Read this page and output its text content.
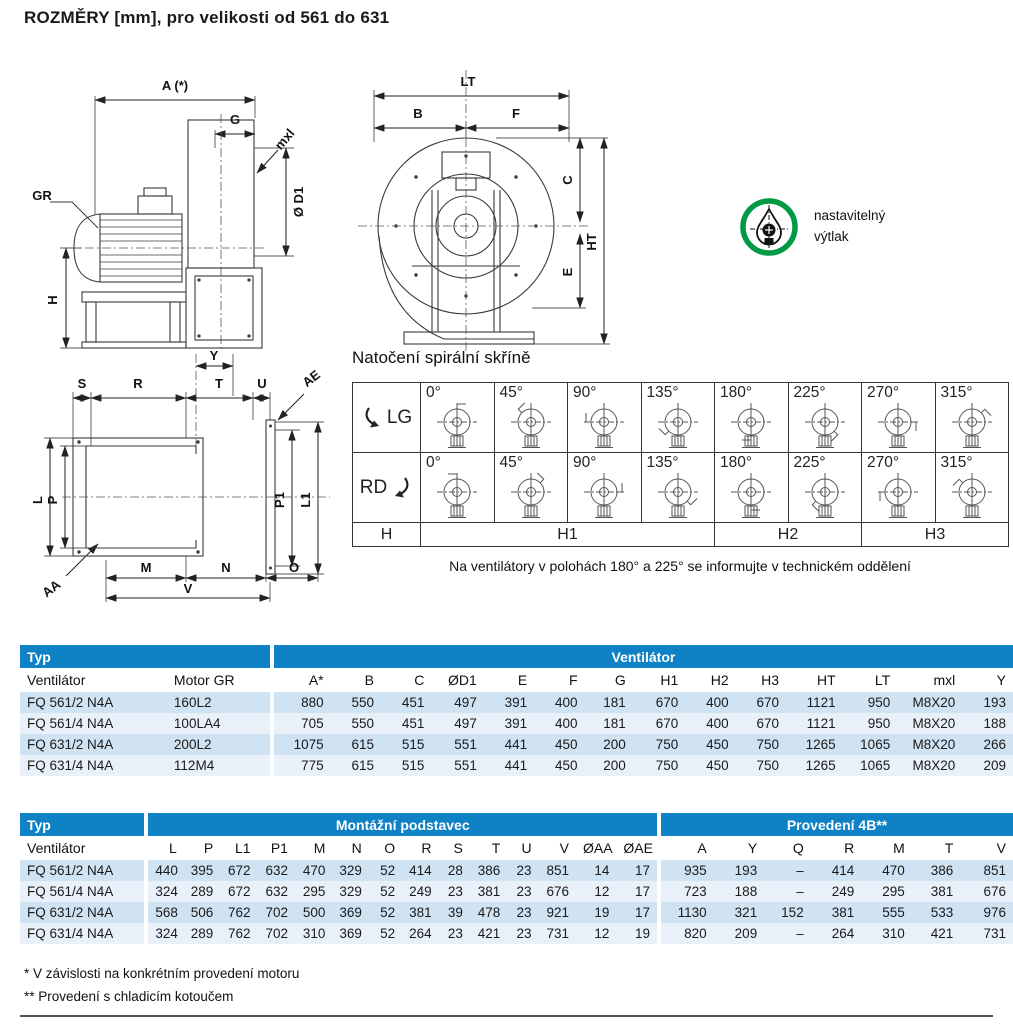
ROZMĚRY [mm], pro velikosti od 561 do 631
A (*)
G
mxl
GR	Ø D1
H
LT
B	F
C
E
HT
nastavitelný výtlak
Y
S	R	T	U	AE
L P	P1 L1
AA
M	N	O
V
Natočení spirální skříně
LG
0°	45°	90°	135°	180°	225°	270°	315°
RD
0°	45°	90°	135°	180°	225°	270°	315°
H	H1	H2	H3
Na ventilátory v polohách 180° a 225° se informujte v technickém oddělení
Typ		Ventilátor													
Ventilátor	Motor GR	A*	B	C	ØD1	E	F	G	H1	H2	H3	HT	LT	mxl	Y
FQ 561/2 N4A	160L2	880	550	451	497	391	400	181	670	400	670	1121	950	M8X20	193
FQ 561/4 N4A	100LA4	705	550	451	497	391	400	181	670	400	670	1121	950	M8X20	188
FQ 631/2 N4A	200L2	1075	615	515	551	441	450	200	750	450	750	1265	1065	M8X20	266
FQ 631/4 N4A	112M4	775	615	515	551	441	450	200	750	450	750	1265	1065	M8X20	209
Typ	Montážní podstavec														Provedení 4B**						
Ventilátor	L	P	L1	P1	M	N	O	R	S	T	U	V	ØAA	ØAE	A	Y	Q	R	M	T	V
FQ 561/2 N4A	440	395	672	632	470	329	52	414	28	386	23	851	14	17	935	193	–	414	470	386	851
FQ 561/4 N4A	324	289	672	632	295	329	52	249	23	381	23	676	12	17	723	188	–	249	295	381	676
FQ 631/2 N4A	568	506	762	702	500	369	52	381	39	478	23	921	19	17	1130	321	152	381	555	533	976
FQ 631/4 N4A	324	289	762	702	310	369	52	264	23	421	23	731	12	19	820	209	–	264	310	421	731
* V závislosti na konkrétním provedení motoru
** Provedení s chladicím kotoučem
